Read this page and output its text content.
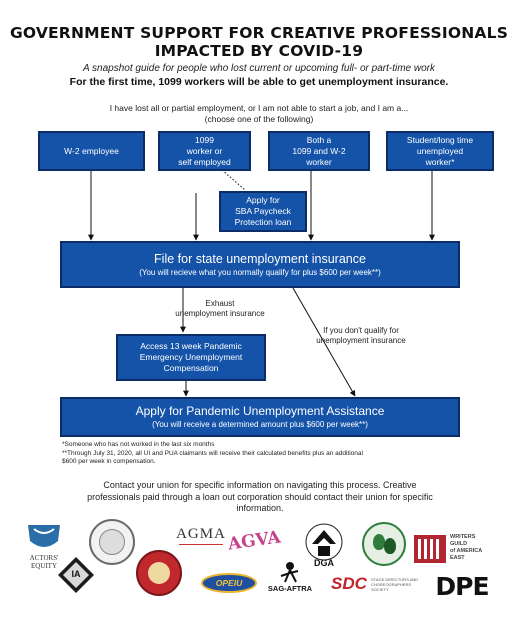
GOVERNMENT SUPPORT FOR CREATIVE PROFESSIONALS
IMPACTED BY COVID-19
A snapshot guide for people who lost current or upcoming full- or part-time work
For the first time, 1099 workers will be able to get unemployment insurance.
I have lost all or partial employment, or I am not able to start a job, and I am a...
(choose one of the following)
W-2 employee
1099
worker or
self employed
Both a
1099 and W-2
worker
Student/long time
unemployed
worker*
Apply for
SBA Paycheck
Protection loan
File for state unemployment insurance
(You will recieve what you normally qualify for plus $600 per week**)
Exhaust
unemployment insurance
If you don't qualify for
unemployment insurance
Access 13 week Pandemic
Emergency Unemployment
Compensation
Apply for Pandemic Unemployment Assistance
(You will receive a determined amount plus $600 per week**)
*Someone who has not worked in the last six months
**Through July 31, 2020, all UI and PUA claimants will receive their calculated benefits plus an additional
$600 per week in compensation.
Contact your union for specific information on navigating this process. Creative
professionals paid through a loan out corporation should contact their union for specific
information.
ACTORS'
EQUITY
IA
AGMA AGVA
OPEIU
DGA
SAG-AFTRA SDC STAGE DIRECTORS AND CHOREOGRAPHERS SOCIETY
WRITERS
GUILD
of AMERICA
EAST
DPE
